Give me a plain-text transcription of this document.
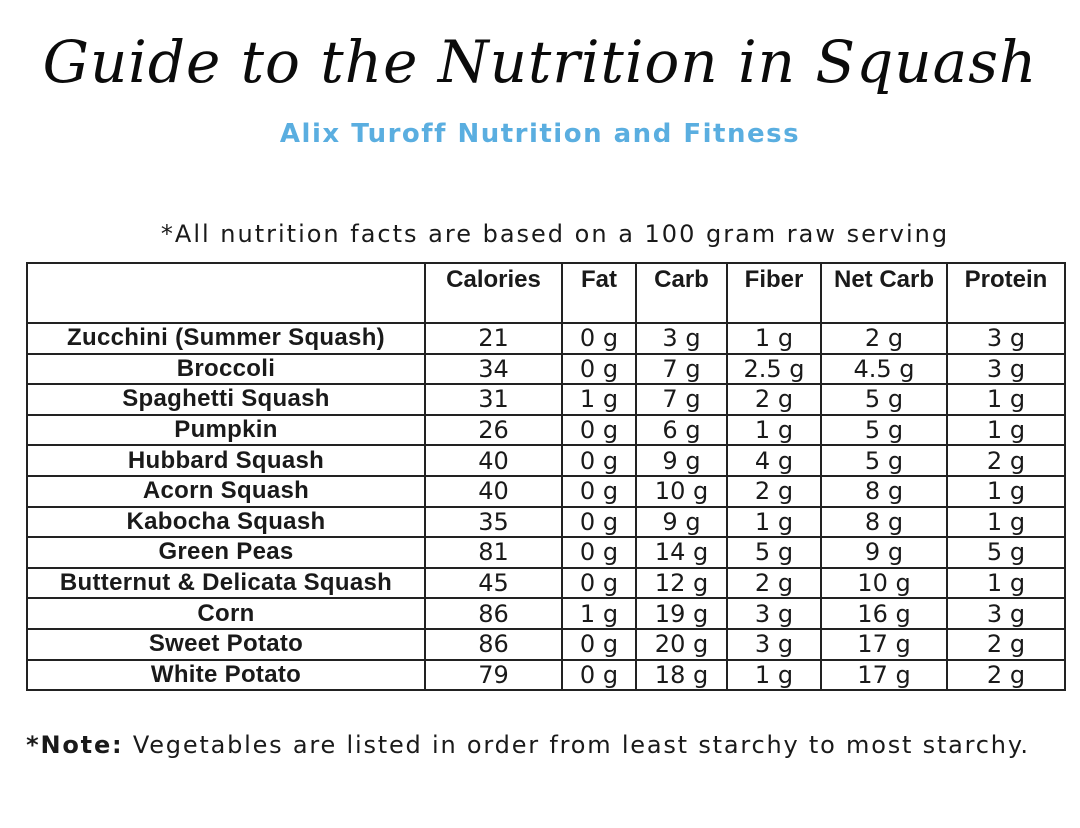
Guide to the Nutrition in Squash
Alix Turoff Nutrition and Fitness
*All nutrition facts are based on a 100 gram raw serving
	Calories	Fat	Carb	Fiber	Net Carb	Protein
Zucchini (Summer Squash)	21	0 g	3 g	1 g	2 g	3 g
Broccoli	34	0 g	7 g	2.5 g	4.5 g	3 g
Spaghetti Squash	31	1 g	7 g	2 g	5 g	1 g
Pumpkin	26	0 g	6 g	1 g	5 g	1 g
Hubbard Squash	40	0 g	9 g	4 g	5 g	2 g
Acorn Squash	40	0 g	10 g	2 g	8 g	1 g
Kabocha Squash	35	0 g	9 g	1 g	8 g	1 g
Green Peas	81	0 g	14 g	5 g	9 g	5 g
Butternut & Delicata Squash	45	0 g	12 g	2 g	10 g	1 g
Corn	86	1 g	19 g	3 g	16 g	3 g
Sweet Potato	86	0 g	20 g	3 g	17 g	2 g
White Potato	79	0 g	18 g	1 g	17 g	2 g
*Note: Vegetables are listed in order from least starchy to most starchy.
